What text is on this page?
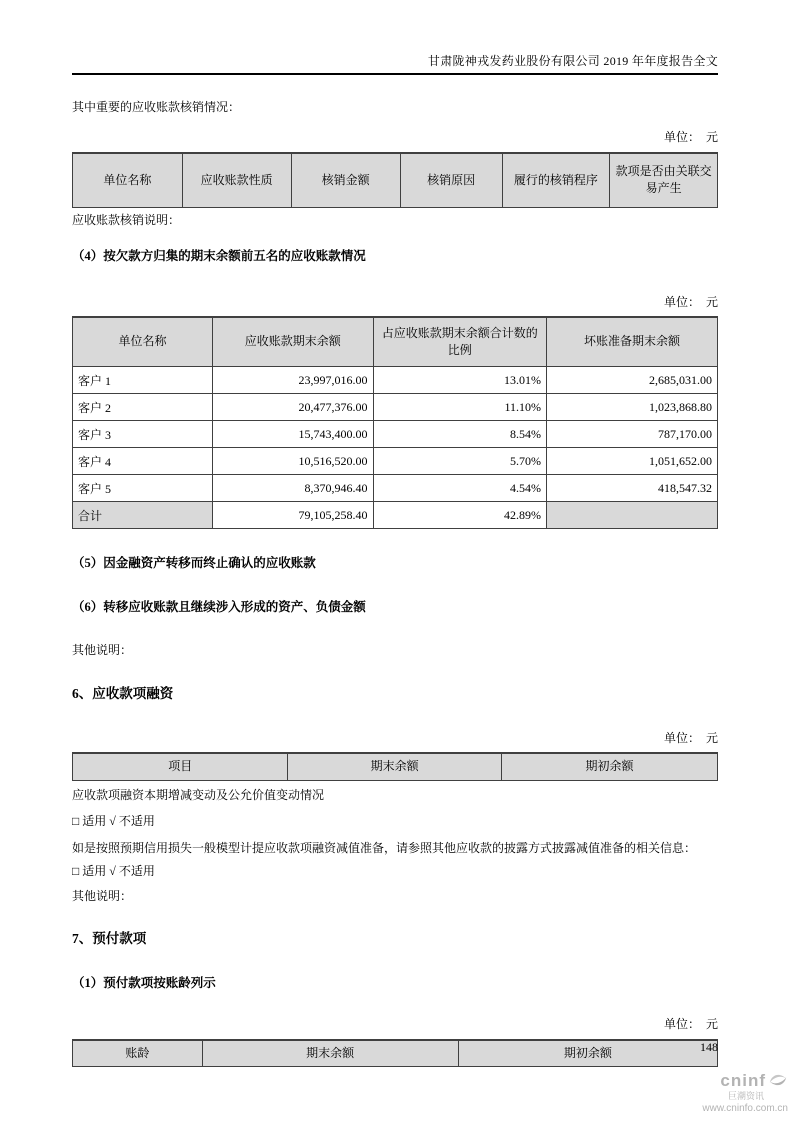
甘肃陇神戎发药业股份有限公司 2019 年年度报告全文
其中重要的应收账款核销情况：
单位：　元
单位名称	应收账款性质	核销金额	核销原因	履行的核销程序	款项是否由关联交易产生
应收账款核销说明：
（4）按欠款方归集的期末余额前五名的应收账款情况
单位：　元
单位名称	应收账款期末余额	占应收账款期末余额合计数的比例	坏账准备期末余额
客户 1	23,997,016.00	13.01%	2,685,031.00
客户 2	20,477,376.00	11.10%	1,023,868.80
客户 3	15,743,400.00	8.54%	787,170.00
客户 4	10,516,520.00	5.70%	1,051,652.00
客户 5	8,370,946.40	4.54%	418,547.32
合计	79,105,258.40	42.89%	
（5）因金融资产转移而终止确认的应收账款
（6）转移应收账款且继续涉入形成的资产、负债金额
其他说明：
6、应收款项融资
单位：　元
项目	期末余额	期初余额
应收款项融资本期增减变动及公允价值变动情况
□ 适用 √ 不适用
如是按照预期信用损失一般模型计提应收款项融资减值准备，请参照其他应收款的披露方式披露减值准备的相关信息：
□ 适用 √ 不适用
其他说明：
7、预付款项
（1）预付款项按账龄列示
单位：　元
账龄	期末余额	期初余额	148
cninf
巨潮资讯
www.cninfo.com.cn
